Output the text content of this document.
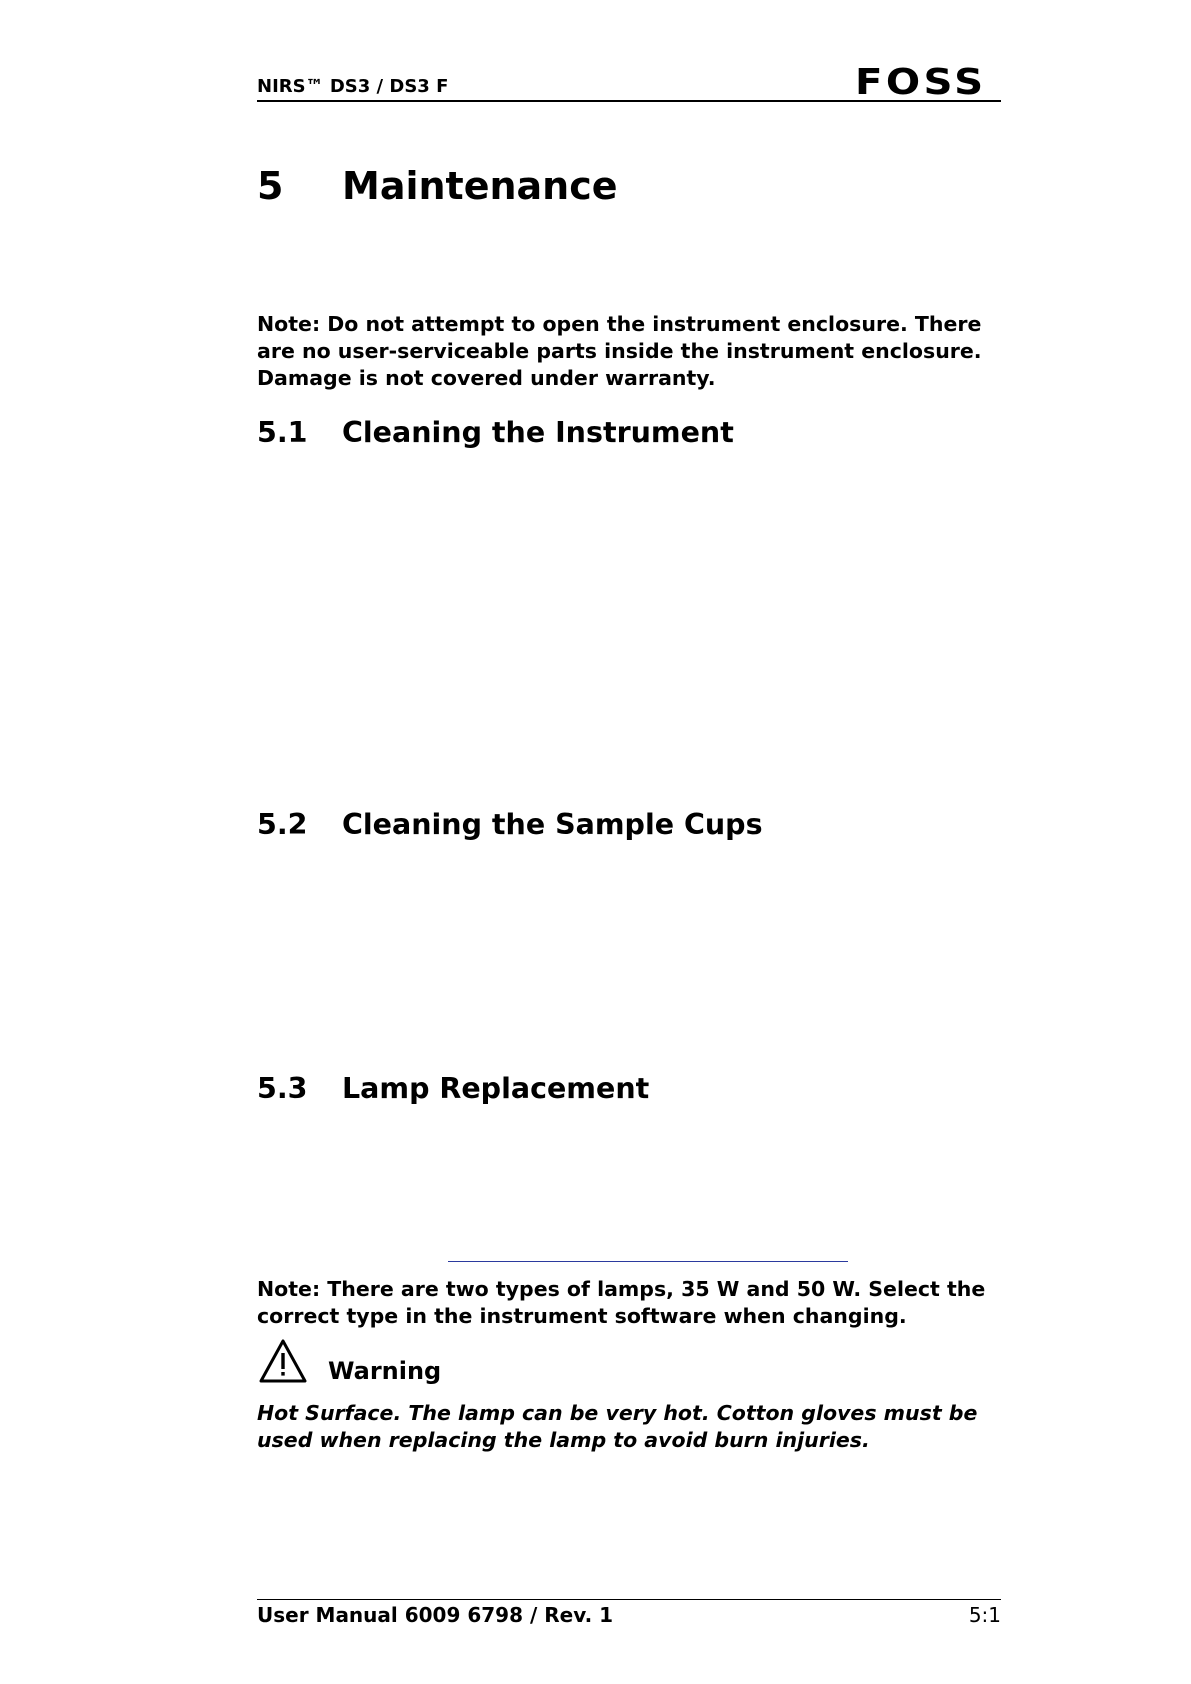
NIRS™ DS3 / DS3 F	FOSS
5 Maintenance
Note: Do not attempt to open the instrument enclosure. There are no user-serviceable parts inside the instrument enclosure. Damage is not covered under warranty.
5.1 Cleaning the Instrument
5.2 Cleaning the Sample Cups
5.3 Lamp Replacement
Note: There are two types of lamps, 35 W and 50 W. Select the correct type in the instrument software when changing.
Warning
Hot Surface. The lamp can be very hot. Cotton gloves must be used when replacing the lamp to avoid burn injuries.
User Manual 6009 6798 / Rev. 1	5:1
